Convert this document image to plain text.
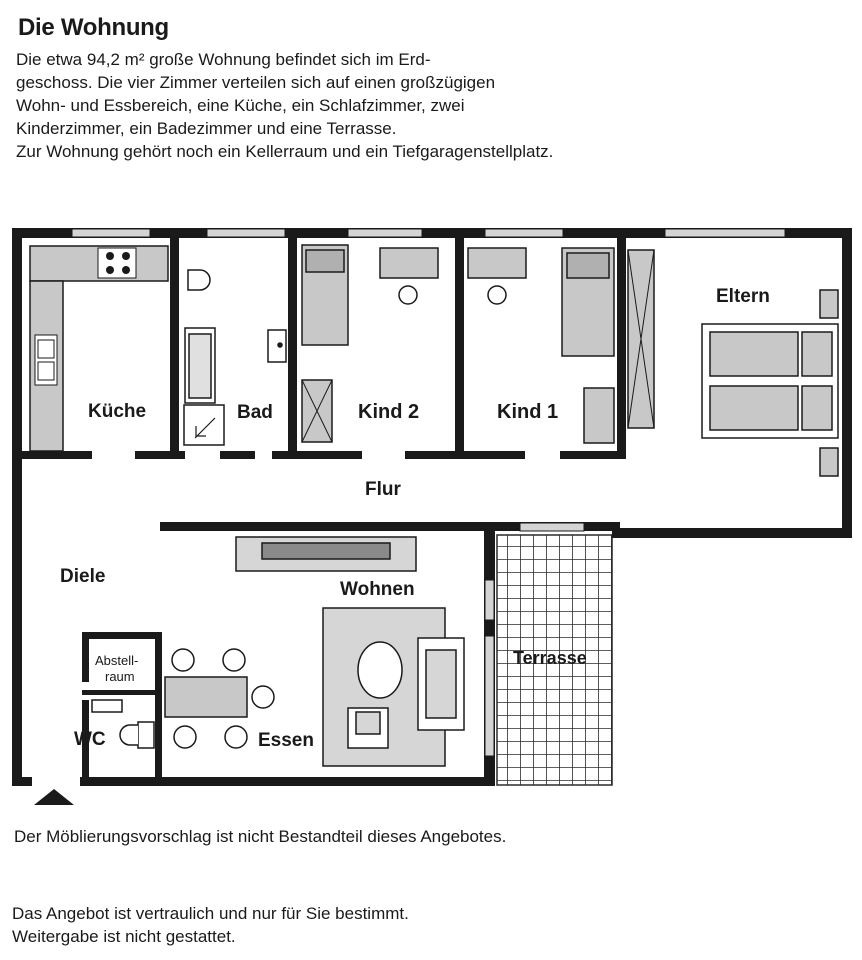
Die Wohnung
Die etwa 94,2 m² große Wohnung befindet sich im Erd-
geschoss. Die vier Zimmer verteilen sich auf einen großzügigen
Wohn- und Essbereich, eine Küche, ein Schlafzimmer, zwei
Kinderzimmer, ein Badezimmer und eine Terrasse.
Zur Wohnung gehört noch ein Kellerraum und ein Tiefgaragenstellplatz.
Küche	Bad	Kind 2	Kind 1
Eltern
Flur
Diele
Wohnen
Terrasse
Abstell-
raum
WC	Essen
Der Möblierungsvorschlag ist nicht Bestandteil dieses Angebotes.
Das Angebot ist vertraulich und nur für Sie bestimmt.
Weitergabe ist nicht gestattet.
